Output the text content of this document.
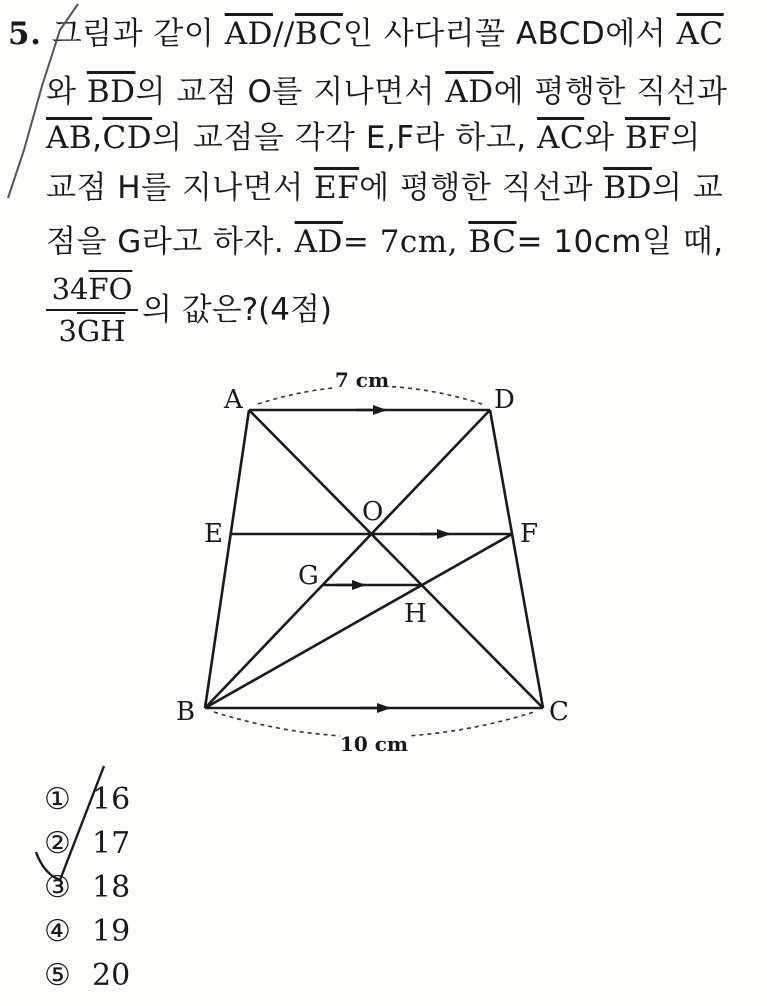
5. 그림과 같이 $\overline{AD}//\overline{BC}$인 사다리꼴 ABCD에서 $\overline{AC}$
와 $\overline{BD}$의 교점 O를 지나면서 $\overline{AD}$에 평행한 직선과
$\overline{AB},\overline{CD}$의 교점을 각각 E,F라 하고, $\overline{AC}$와 $\overline{BF}$의
교점 H를 지나면서 $\overline{EF}$에 평행한 직선과 $\overline{BD}$의 교
점을 G라고 하자. $\overline{AD}= 7cm$, $\overline{BC}= 10cm$일 때,
$34\overline{FO}$
$3\overline{GH}$
의 값은?(4점)
A	D
E
O
F
G
H
B	C
7 cm
10 cm
① 16
② 17
③ 18
④ 19
⑤ 20
